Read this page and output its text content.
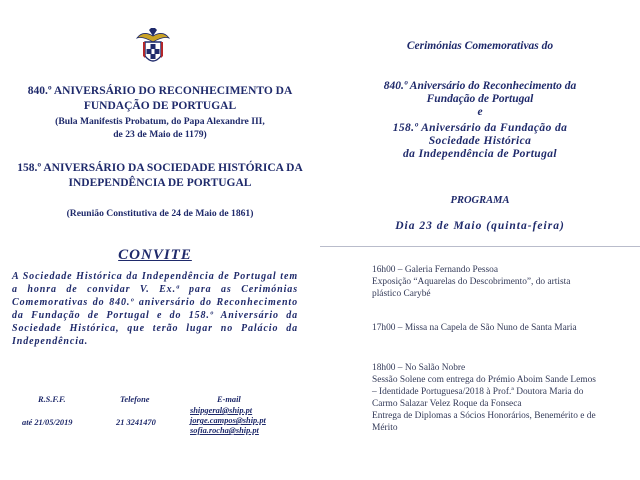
840.º ANIVERSÁRIO DO RECONHECIMENTO DA FUNDAÇÃO DE PORTUGAL
(Bula Manifestis Probatum, do Papa Alexandre III,
de 23 de Maio de 1179)
158.º ANIVERSÁRIO DA SOCIEDADE HISTÓRICA DA INDEPENDÊNCIA DE PORTUGAL
(Reunião Constitutiva de 24 de Maio de 1861)
CONVITE
A Sociedade Histórica da Independência de Portugal tem a honra de convidar V. Ex.ª para as Cerimónias Comemorativas do 840.º aniversário do Reconhecimento da Fundação de Portugal e do 158.º Aniversário da Sociedade Histórica, que terão lugar no Palácio da Independência.
R.S.F.F.
até 21/05/2019
Telefone
21 3241470
E-mail
shipgeral@ship.pt
jorge.campos@ship.pt
sofia.rocha@ship.pt
Cerimónias Comemorativas do
840.º Aniversário do Reconhecimento da
Fundação de Portugal
e
158.º Aniversário da Fundação da
Sociedade Histórica
da Independência de Portugal
PROGRAMA
Dia 23 de Maio (quinta-feira)
16h00 – Galeria Fernando Pessoa
Exposição “Aquarelas do Descobrimento”, do artista
plástico Carybé
17h00 – Missa na Capela de São Nuno de Santa Maria
18h00 – No Salão Nobre
Sessão Solene com entrega do Prémio Aboim Sande Lemos
– Identidade Portuguesa/2018 à Prof.ª Doutora Maria do
Carmo Salazar Velez Roque da Fonseca
Entrega de Diplomas a Sócios Honorários, Benemérito e de
Mérito
